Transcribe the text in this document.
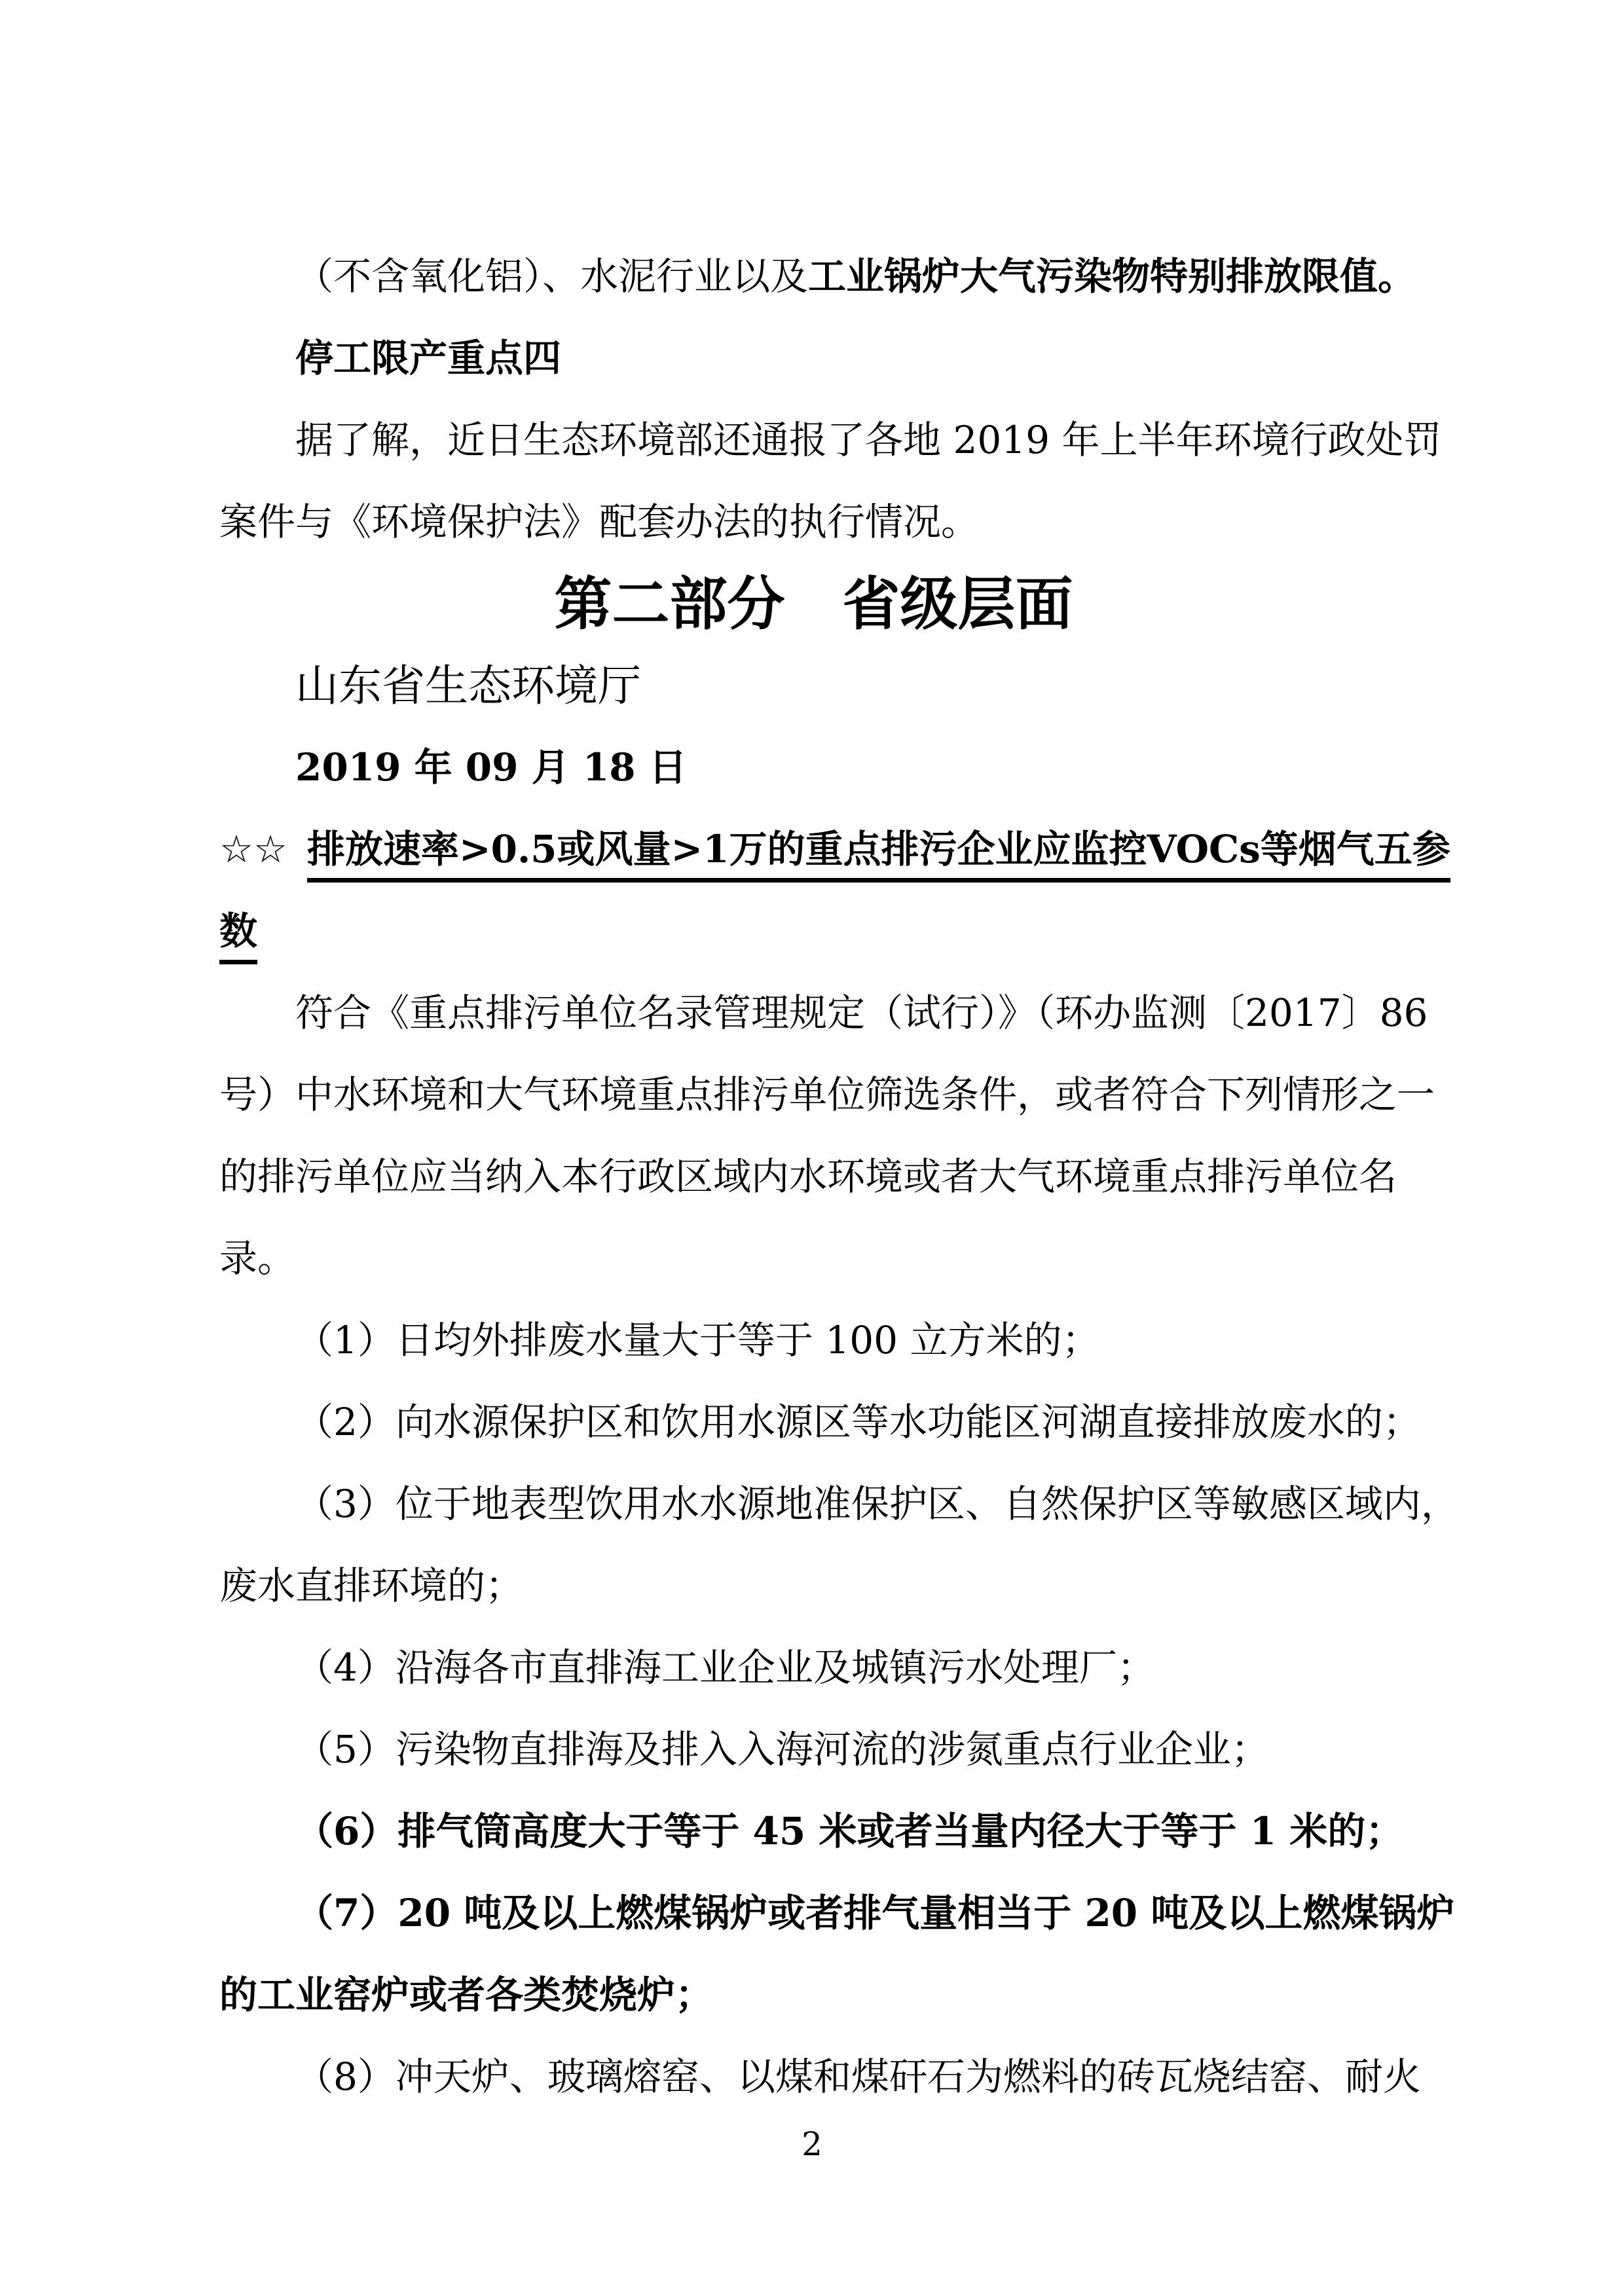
（不含氧化铝）、水泥行业以及工业锅炉大气污染物特别排放限值。

停工限产重点四

据了解，近日生态环境部还通报了各地 2019 年上半年环境行政处罚

案件与《环境保护法》配套办法的执行情况。

第二部分　省级层面

山东省生态环境厅

2019 年 09 月 18 日

☆☆ 排放速率>0.5或风量>1万的重点排污企业应监控VOCs等烟气五参

数

符合《重点排污单位名录管理规定（试行）》（环办监测〔2017〕86

号）中水环境和大气环境重点排污单位筛选条件，或者符合下列情形之一

的排污单位应当纳入本行政区域内水环境或者大气环境重点排污单位名

录。

（1）日均外排废水量大于等于 100 立方米的；

（2）向水源保护区和饮用水源区等水功能区河湖直接排放废水的；

（3）位于地表型饮用水水源地准保护区、自然保护区等敏感区域内，

废水直排环境的；

（4）沿海各市直排海工业企业及城镇污水处理厂；

（5）污染物直排海及排入入海河流的涉氮重点行业企业；

（6）排气筒高度大于等于 45 米或者当量内径大于等于 1 米的；

（7）20 吨及以上燃煤锅炉或者排气量相当于 20 吨及以上燃煤锅炉

的工业窑炉或者各类焚烧炉；

（8）冲天炉、玻璃熔窑、以煤和煤矸石为燃料的砖瓦烧结窑、耐火

2
